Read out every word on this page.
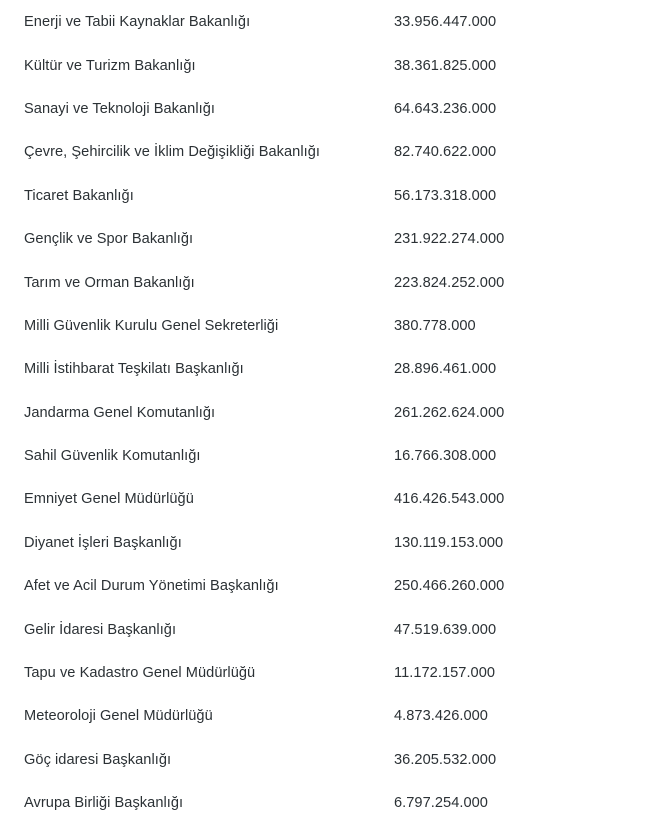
Enerji ve Tabii Kaynaklar Bakanlığı	33.956.447.000
Kültür ve Turizm Bakanlığı	38.361.825.000
Sanayi ve Teknoloji Bakanlığı	64.643.236.000
Çevre, Şehircilik ve İklim Değişikliği Bakanlığı	82.740.622.000
Ticaret Bakanlığı	56.173.318.000
Gençlik ve Spor Bakanlığı	231.922.274.000
Tarım ve Orman Bakanlığı	223.824.252.000
Milli Güvenlik Kurulu Genel Sekreterliği	380.778.000
Milli İstihbarat Teşkilatı Başkanlığı	28.896.461.000
Jandarma Genel Komutanlığı	261.262.624.000
Sahil Güvenlik Komutanlığı	16.766.308.000
Emniyet Genel Müdürlüğü	416.426.543.000
Diyanet İşleri Başkanlığı	130.119.153.000
Afet ve Acil Durum Yönetimi Başkanlığı	250.466.260.000
Gelir İdaresi Başkanlığı	47.519.639.000
Tapu ve Kadastro Genel Müdürlüğü	11.172.157.000
Meteoroloji Genel Müdürlüğü	4.873.426.000
Göç idaresi Başkanlığı	36.205.532.000
Avrupa Birliği Başkanlığı	6.797.254.000
